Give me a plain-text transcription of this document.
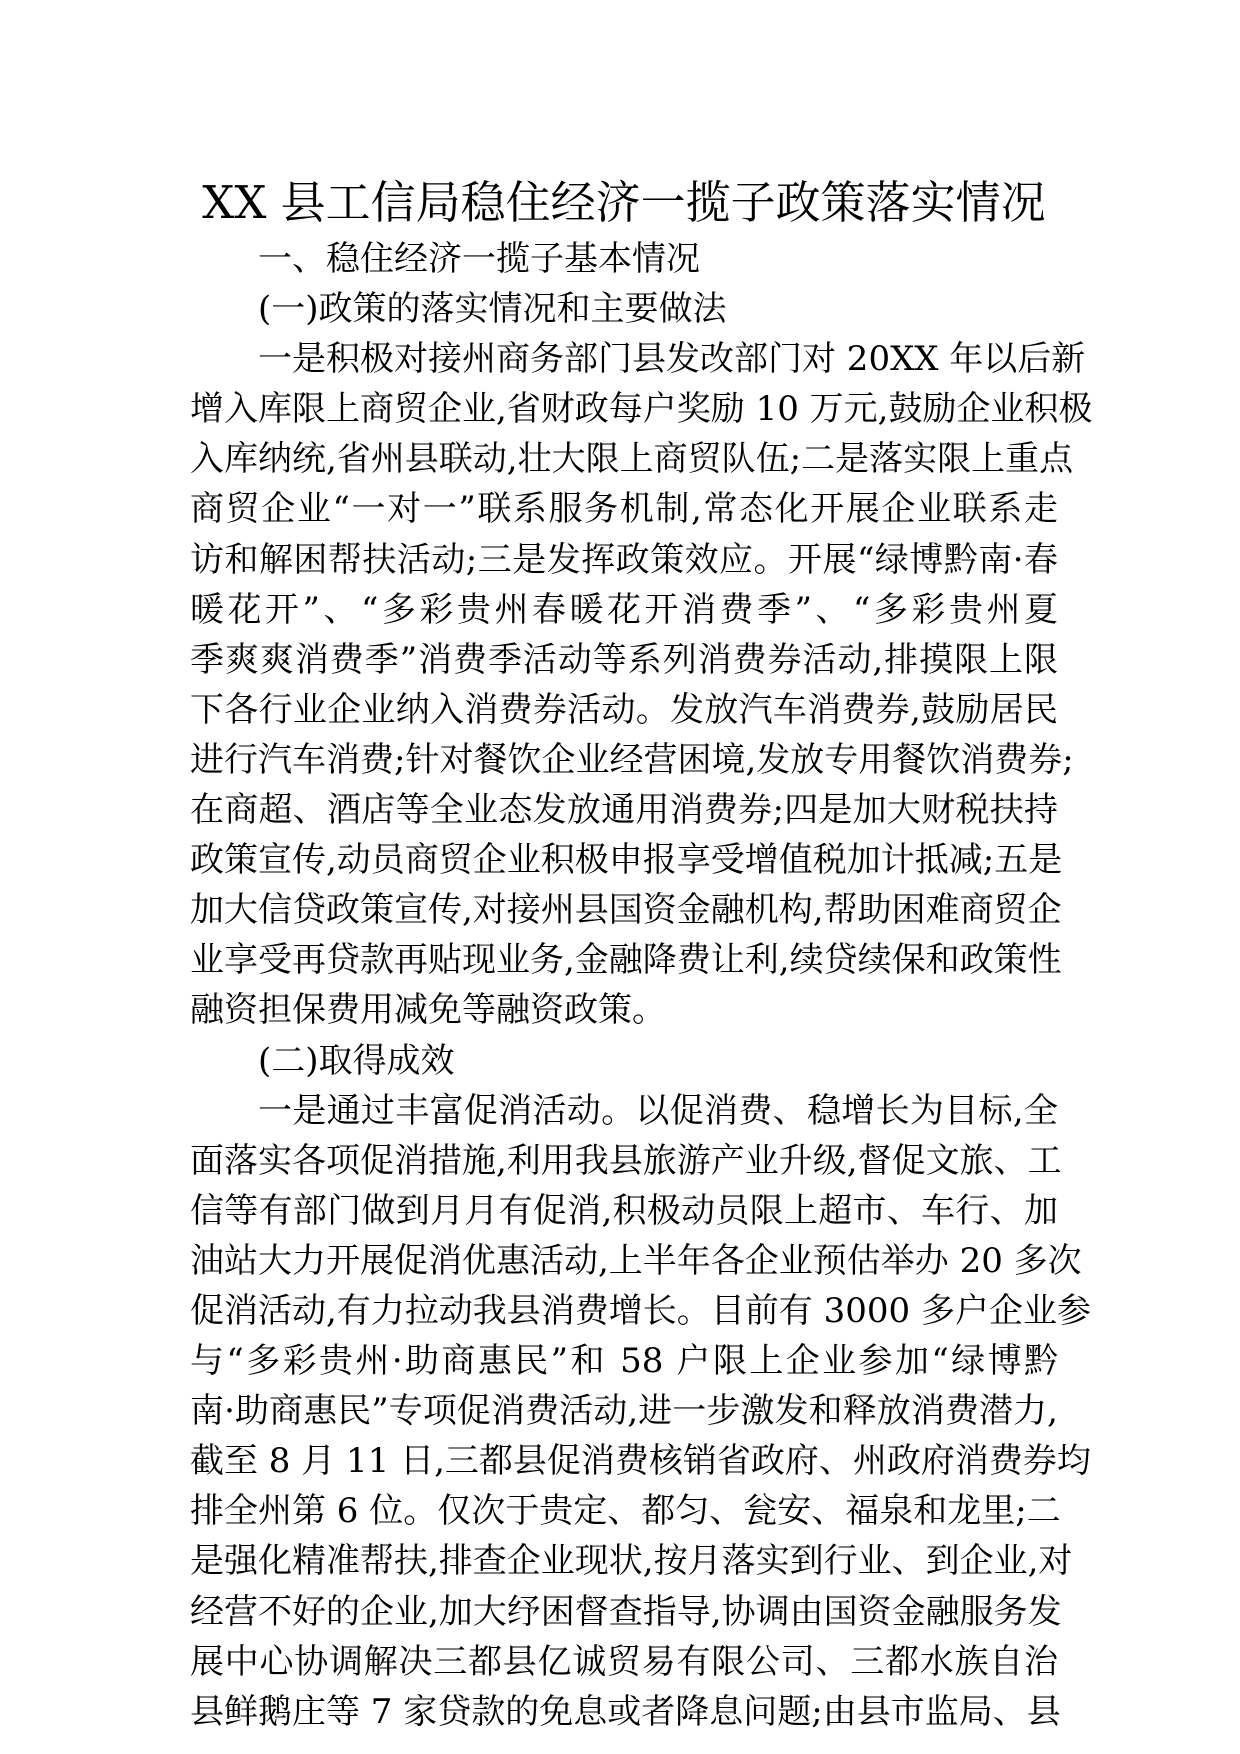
XX 县工信局稳住经济一揽子政策落实情况

一、稳住经济一揽子基本情况

(一)政策的落实情况和主要做法

一是积极对接州商务部门县发改部门对 20XX 年以后新

增入库限上商贸企业,省财政每户奖励 10 万元,鼓励企业积极

入库纳统,省州县联动,壮大限上商贸队伍;二是落实限上重点

商贸企业“一对一”联系服务机制,常态化开展企业联系走

访和解困帮扶活动;三是发挥政策效应。开展“绿博黔南·春

暖花开”、“多彩贵州春暖花开消费季”、“多彩贵州夏

季爽爽消费季”消费季活动等系列消费券活动,排摸限上限

下各行业企业纳入消费券活动。发放汽车消费券,鼓励居民

进行汽车消费;针对餐饮企业经营困境,发放专用餐饮消费券;

在商超、酒店等全业态发放通用消费券;四是加大财税扶持

政策宣传,动员商贸企业积极申报享受增值税加计抵减;五是

加大信贷政策宣传,对接州县国资金融机构,帮助困难商贸企

业享受再贷款再贴现业务,金融降费让利,续贷续保和政策性

融资担保费用减免等融资政策。

(二)取得成效

一是通过丰富促消活动。以促消费、稳增长为目标,全

面落实各项促消措施,利用我县旅游产业升级,督促文旅、工

信等有部门做到月月有促消,积极动员限上超市、车行、加

油站大力开展促消优惠活动,上半年各企业预估举办 20 多次

促消活动,有力拉动我县消费增长。目前有 3000 多户企业参

与“多彩贵州·助商惠民”和 58 户限上企业参加“绿博黔

南·助商惠民”专项促消费活动,进一步激发和释放消费潜力,

截至 8 月 11 日,三都县促消费核销省政府、州政府消费券均

排全州第 6 位。仅次于贵定、都匀、瓮安、福泉和龙里;二

是强化精准帮扶,排查企业现状,按月落实到行业、到企业,对

经营不好的企业,加大纾困督查指导,协调由国资金融服务发

展中心协调解决三都县亿诚贸易有限公司、三都水族自治

县鲜鹅庄等 7 家贷款的免息或者降息问题;由县市监局、县
